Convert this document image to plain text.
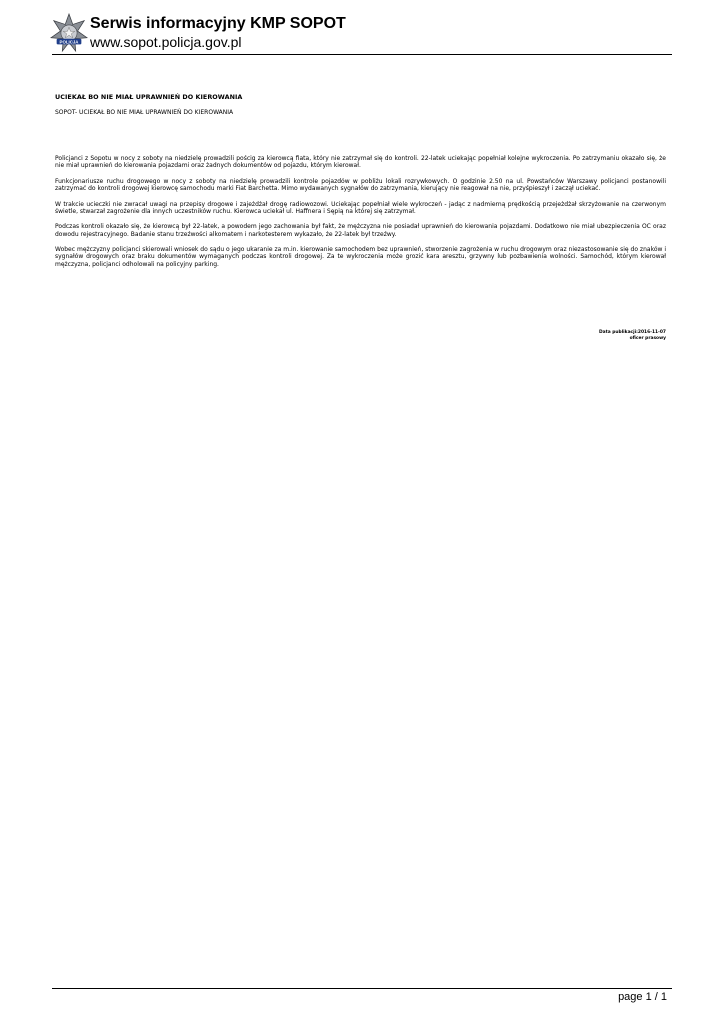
POLICJA
Serwis informacyjny KMP SOPOT
www.sopot.policja.gov.pl
UCIEKAŁ BO NIE MIAŁ UPRAWNIEŃ DO KIEROWANIA
SOPOT- UCIEKAŁ BO NIE MIAŁ UPRAWNIEŃ DO KIEROWANIA

Policjanci z Sopotu w nocy z soboty na niedzielę prowadzili pościg za kierowcą fiata, który nie zatrzymał się do kontroli. 22-latek uciekając popełniał kolejne wykroczenia. Po zatrzymaniu okazało się, że nie miał uprawnień do kierowania pojazdami oraz żadnych dokumentów od pojazdu, którym kierował.

Funkcjonariusze ruchu drogowego w nocy z soboty na niedzielę prowadzili kontrole pojazdów w pobliżu lokali rozrywkowych. O godzinie 2.50 na ul. Powstańców Warszawy policjanci postanowili zatrzymać do kontroli drogowej kierowcę samochodu marki Fiat Barchetta. Mimo wydawanych sygnałów do zatrzymania, kierujący nie reagował na nie, przyśpieszył i zaczął uciekać.

W trakcie ucieczki nie zwracał uwagi na przepisy drogowe i zajeżdżał drogę radiowozowi. Uciekając popełniał wiele wykroczeń - jadąc z nadmierną prędkością przejeżdżał skrzyżowanie na czerwonym świetle, stwarzał zagrożenie dla innych uczestników ruchu. Kierowca uciekał ul. Haffnera i Sępią na której się zatrzymał.

Podczas kontroli okazało się, że kierowcą był 22-latek, a powodem jego zachowania był fakt, że mężczyzna nie posiadał uprawnień do kierowania pojazdami. Dodatkowo nie miał ubezpieczenia OC oraz dowodu rejestracyjnego. Badanie stanu trzeźwości alkomatem i narkotesterem wykazało, że 22-latek był trzeźwy.

Wobec mężczyzny policjanci skierowali wniosek do sądu o jego ukaranie za m.in. kierowanie samochodem bez uprawnień, stworzenie zagrożenia w ruchu drogowym oraz niezastosowanie się do znaków i sygnałów drogowych oraz braku dokumentów wymaganych podczas kontroli drogowej. Za te wykroczenia może grozić kara aresztu, grzywny lub pozbawienia wolności. Samochód, którym kierował mężczyzna, policjanci odholowali na policyjny parking.

Data publikacji:2016-11-07
oficer prasowy
page 1 / 1
